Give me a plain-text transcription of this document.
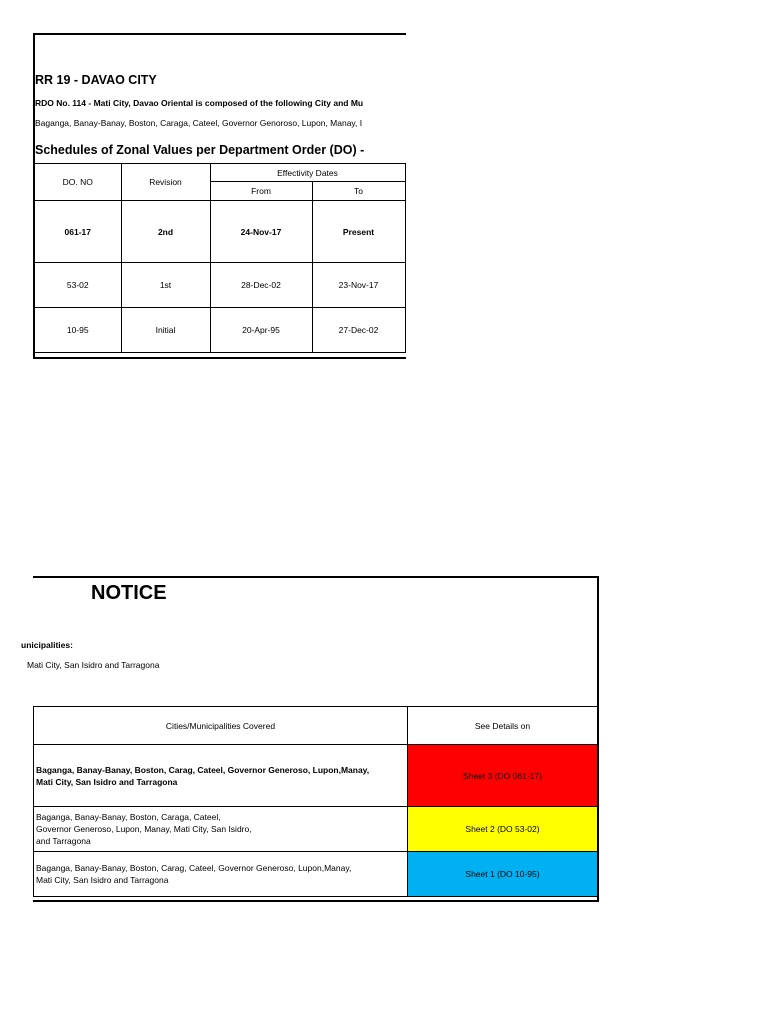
RR 19 - DAVAO CITY
RDO No. 114 - Mati City, Davao Oriental is composed of the following City and Mu
Baganga, Banay-Banay, Boston, Caraga, Cateel, Governor Genoroso, Lupon, Manay, I
Schedules of Zonal Values per Department Order (DO) -
DO. NO	Revision	Effectivity Dates	
		From	To
061-17	2nd	24-Nov-17	Present
53-02	1st	28-Dec-02	23-Nov-17
10-95	Initial	20-Apr-95	27-Dec-02
NOTICE
unicipalities:
Mati City, San Isidro and Tarragona
Cities/Municipalities Covered	See Details on

Baganga, Banay-Banay, Boston, Carag, Cateel, Governor Generoso, Lupon,Manay,
Mati City, San Isidro and Tarragona	Sheet 3 (DO 061-17)

Baganga, Banay-Banay, Boston, Caraga, Cateel,
Governor Generoso, Lupon, Manay, Mati City, San Isidro,
and Tarragona	Sheet 2 (DO 53-02)

Baganga, Banay-Banay, Boston, Carag, Cateel, Governor Generoso, Lupon,Manay,
Mati City, San Isidro and Tarragona	Sheet 1 (DO 10-95)
